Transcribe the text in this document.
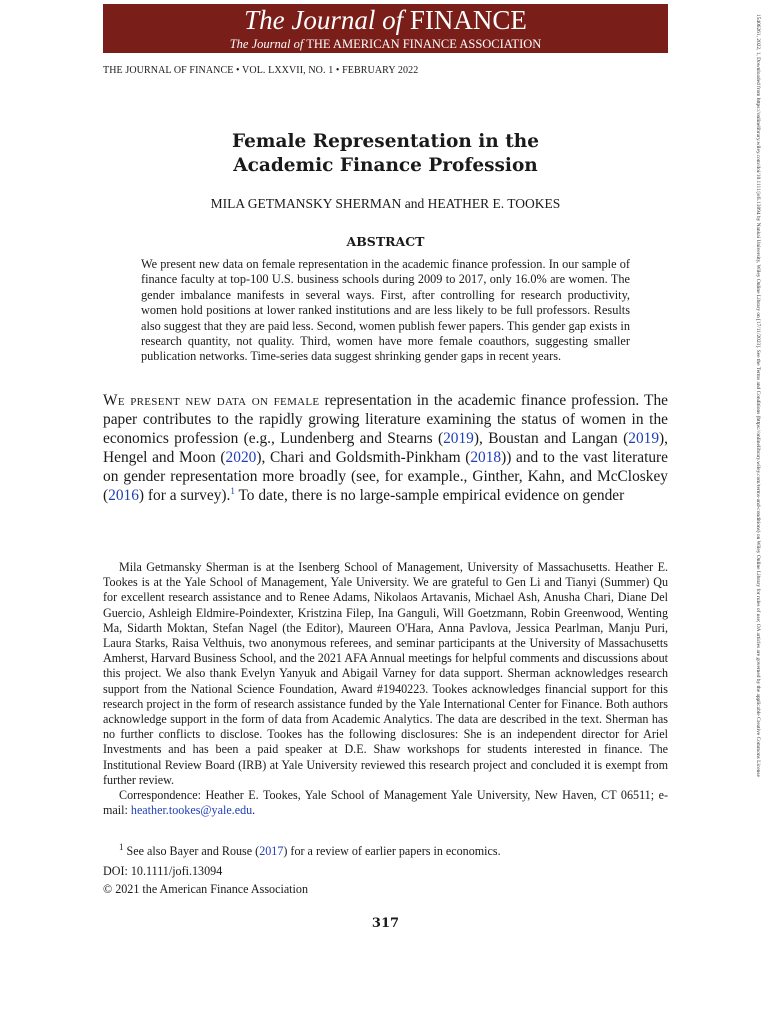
The Journal of FINANCE
The Journal of THE AMERICAN FINANCE ASSOCIATION
THE JOURNAL OF FINANCE • VOL. LXXVII, NO. 1 • FEBRUARY 2022
Female Representation in the
Academic Finance Profession
MILA GETMANSKY SHERMAN and HEATHER E. TOOKES
ABSTRACT
We present new data on female representation in the academic finance profession. In our sample of finance faculty at top-100 U.S. business schools during 2009 to 2017, only 16.0% are women. The gender imbalance manifests in several ways. First, after controlling for research productivity, women hold positions at lower ranked institutions and are less likely to be full professors. Results also suggest that they are paid less. Second, women publish fewer papers. This gender gap exists in research quantity, not quality. Third, women have more female coauthors, suggesting smaller publication networks. Time-series data suggest shrinking gender gaps in recent years.
We present new data on female representation in the academic finance profession. The paper contributes to the rapidly growing literature examining the status of women in the economics profession (e.g., Lundenberg and Stearns (2019), Boustan and Langan (2019), Hengel and Moon (2020), Chari and Goldsmith-Pinkham (2018)) and to the vast literature on gender representation more broadly (see, for example., Ginther, Kahn, and McCloskey (2016) for a survey).$^1$ To date, there is no large-sample empirical evidence on gender

Mila Getmansky Sherman is at the Isenberg School of Management, University of Massachusetts. Heather E. Tookes is at the Yale School of Management, Yale University. We are grateful to Gen Li and Tianyi (Summer) Qu for excellent research assistance and to Renee Adams, Nikolaos Artavanis, Michael Ash, Anusha Chari, Diane Del Guercio, Ashleigh Eldmire-Poindexter, Kristzina Filep, Ina Ganguli, Will Goetzmann, Robin Greenwood, Wenting Ma, Sidarth Moktan, Stefan Nagel (the Editor), Maureen O'Hara, Anna Pavlova, Jessica Pearlman, Manju Puri, Laura Starks, Raisa Velthuis, two anonymous referees, and seminar participants at the University of Massachusetts Amherst, Harvard Business School, and the 2021 AFA Annual meetings for helpful comments and discussions about this project. We also thank Evelyn Yanyuk and Abigail Varney for data support. Sherman acknowledges research support from the National Science Foundation, Award #1940223. Tookes acknowledges financial support for this research project in the form of research assistance funded by the Yale International Center for Finance. Both authors acknowledge support in the form of data from Academic Analytics. The data are described in the text. Sherman has no further conflicts to disclose. Tookes has the following disclosures: She is an independent director for Ariel Investments and has been a paid speaker at D.E. Shaw workshops for students interested in finance. The Institutional Review Board (IRB) at Yale University reviewed this research project and concluded it is exempt from further review.

Correspondence: Heather E. Tookes, Yale School of Management Yale University, New Haven, CT 06511; e-mail: heather.tookes@yale.edu.

$^1$ See also Bayer and Rouse (2017) for a review of earlier papers in economics.
DOI: 10.1111/jofi.13094
© 2021 the American Finance Association
317
15406261, 2022, 1, Downloaded from https://onlinelibrary.wiley.com/doi/10.1111/jofi.13094 by Nankai University, Wiley Online Library on [17/11/2023]. See the Terms and Conditions (https://onlinelibrary.wiley.com/terms-and-conditions) on Wiley Online Library for rules of use; OA articles are governed by the applicable Creative Commons License
